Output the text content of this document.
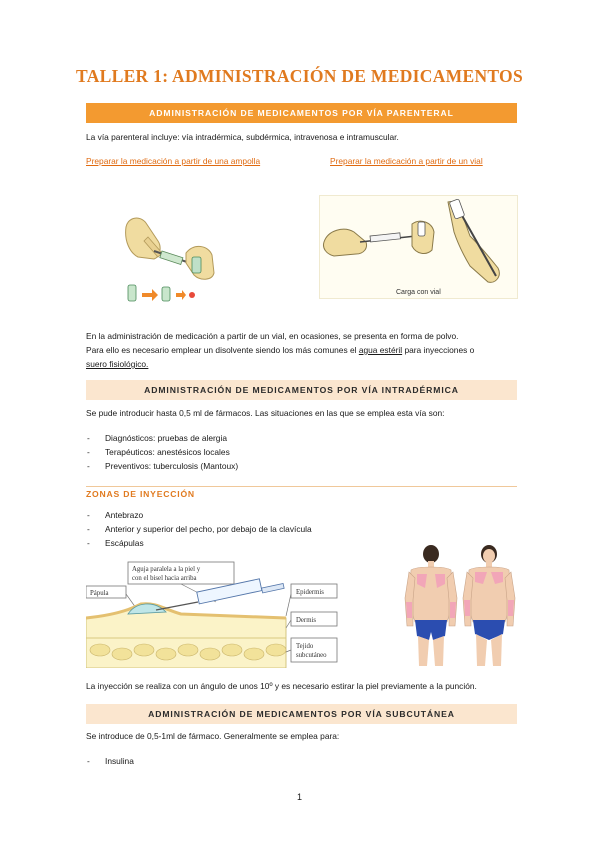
TALLER 1: ADMINISTRACIÓN DE MEDICAMENTOS
ADMINISTRACIÓN DE MEDICAMENTOS POR VÍA PARENTERAL
La vía parenteral incluye: vía intradérmica, subdérmica, intravenosa e intramuscular.
Preparar la medicación a partir de una ampolla	Preparar la medicación a partir de un vial
Carga con vial
En la administración de medicación a partir de un vial, en ocasiones, se presenta en forma de polvo.
Para ello es necesario emplear un disolvente siendo los más comunes el agua estéril para inyecciones o
suero fisiológico.
ADMINISTRACIÓN DE MEDICAMENTOS POR VÍA INTRADÉRMICA
Se pude introducir hasta 0,5 ml de fármacos. Las situaciones en las que se emplea esta vía son:
- Diagnósticos: pruebas de alergia
- Terapéuticos: anestésicos locales
- Preventivos: tuberculosis (Mantoux)
ZONAS DE INYECCIÓN
- Antebrazo
- Anterior y superior del pecho, por debajo de la clavícula
- Escápulas
Aguja paralela a la piel y
con el bisel hacia arriba
Pápula	Epidermis
Dermis
Tejido
subcutáneo
La inyección se realiza con un ángulo de unos 10º y es necesario estirar la piel previamente a la punción.
ADMINISTRACIÓN DE MEDICAMENTOS POR VÍA SUBCUTÁNEA
Se introduce de 0,5-1ml de fármaco. Generalmente se emplea para:
- Insulina
1
